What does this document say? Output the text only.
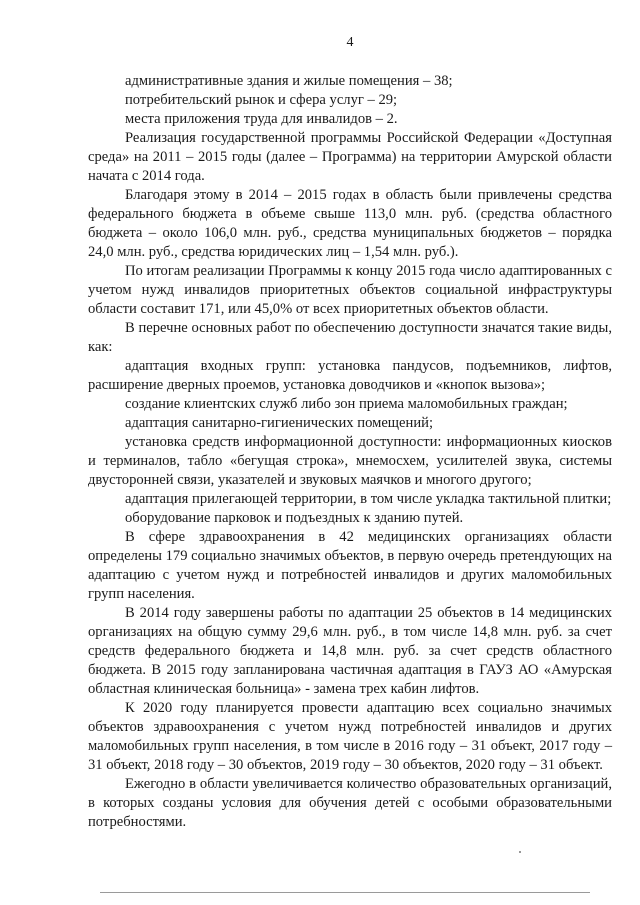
4

административные здания и жилые помещения – 38;

потребительский рынок и сфера услуг – 29;

места приложения труда для инвалидов – 2.

Реализация государственной программы Российской Федерации «Доступная среда» на 2011 – 2015 годы (далее – Программа) на территории Амурской области начата с 2014 года.

Благодаря этому в 2014 – 2015 годах в область были привлечены средства федерального бюджета в объеме свыше 113,0 млн. руб. (средства областного бюджета – около 106,0 млн. руб., средства муниципальных бюджетов – порядка 24,0 млн. руб., средства юридических лиц – 1,54 млн. руб.).

По итогам реализации Программы к концу 2015 года число адаптированных с учетом нужд инвалидов приоритетных объектов социальной инфраструктуры области составит 171, или 45,0% от всех приоритетных объектов области.

В перечне основных работ по обеспечению доступности значатся такие виды, как:

адаптация входных групп: установка пандусов, подъемников, лифтов, расширение дверных проемов, установка доводчиков и «кнопок вызова»;

создание клиентских служб либо зон приема маломобильных граждан;

адаптация санитарно-гигиенических помещений;

установка средств информационной доступности: информационных киосков и терминалов, табло «бегущая строка», мнемосхем, усилителей звука, системы двусторонней связи, указателей и звуковых маячков и многого другого;

адаптация прилегающей территории, в том числе укладка тактильной плитки;

оборудование парковок и подъездных к зданию путей.

В сфере здравоохранения в 42 медицинских организациях области определены 179 социально значимых объектов, в первую очередь претендующих на адаптацию с учетом нужд и потребностей инвалидов и других маломобильных групп населения.

В 2014 году завершены работы по адаптации 25 объектов в 14 медицинских организациях на общую сумму 29,6 млн. руб., в том числе 14,8 млн. руб. за счет средств федерального бюджета и 14,8 млн. руб. за счет средств областного бюджета. В 2015 году запланирована частичная адаптация в ГАУЗ АО «Амурская областная клиническая больница» - замена трех кабин лифтов.

К 2020 году планируется провести адаптацию всех социально значимых объектов здравоохранения с учетом нужд потребностей инвалидов и других маломобильных групп населения, в том числе в 2016 году – 31 объект, 2017 году – 31 объект, 2018 году – 30 объектов, 2019 году – 30 объектов, 2020 году – 31 объект.

Ежегодно в области увеличивается количество образовательных организаций, в которых созданы условия для обучения детей с особыми образовательными потребностями.
